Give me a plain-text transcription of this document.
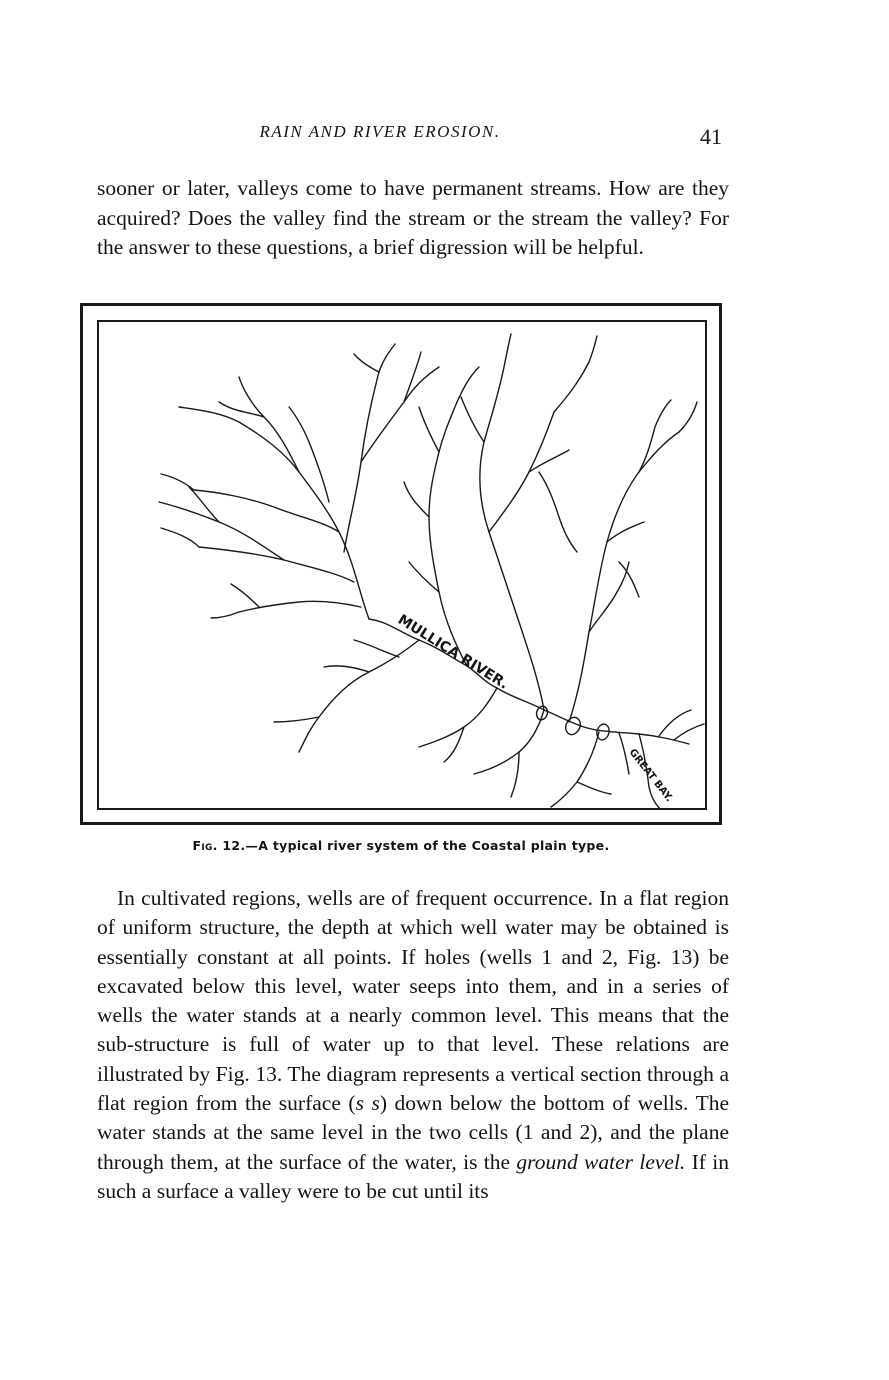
RAIN AND RIVER EROSION.	41
sooner or later, valleys come to have permanent streams. How are they acquired? Does the valley find the stream or the stream the valley? For the answer to these questions, a brief digression will be helpful.
MULLICA RIVER.
GREAT BAY.
Fig. 12.—A typical river system of the Coastal plain type.
In cultivated regions, wells are of frequent occurrence. In a flat region of uniform structure, the depth at which well water may be obtained is essentially constant at all points. If holes (wells 1 and 2, Fig. 13) be excavated below this level, water seeps into them, and in a series of wells the water stands at a nearly common level. This means that the sub-structure is full of water up to that level. These relations are illustrated by Fig. 13. The diagram represents a vertical section through a flat region from the surface (s s) down below the bottom of wells. The water stands at the same level in the two cells (1 and 2), and the plane through them, at the surface of the water, is the ground water level. If in such a surface a valley were to be cut until its
